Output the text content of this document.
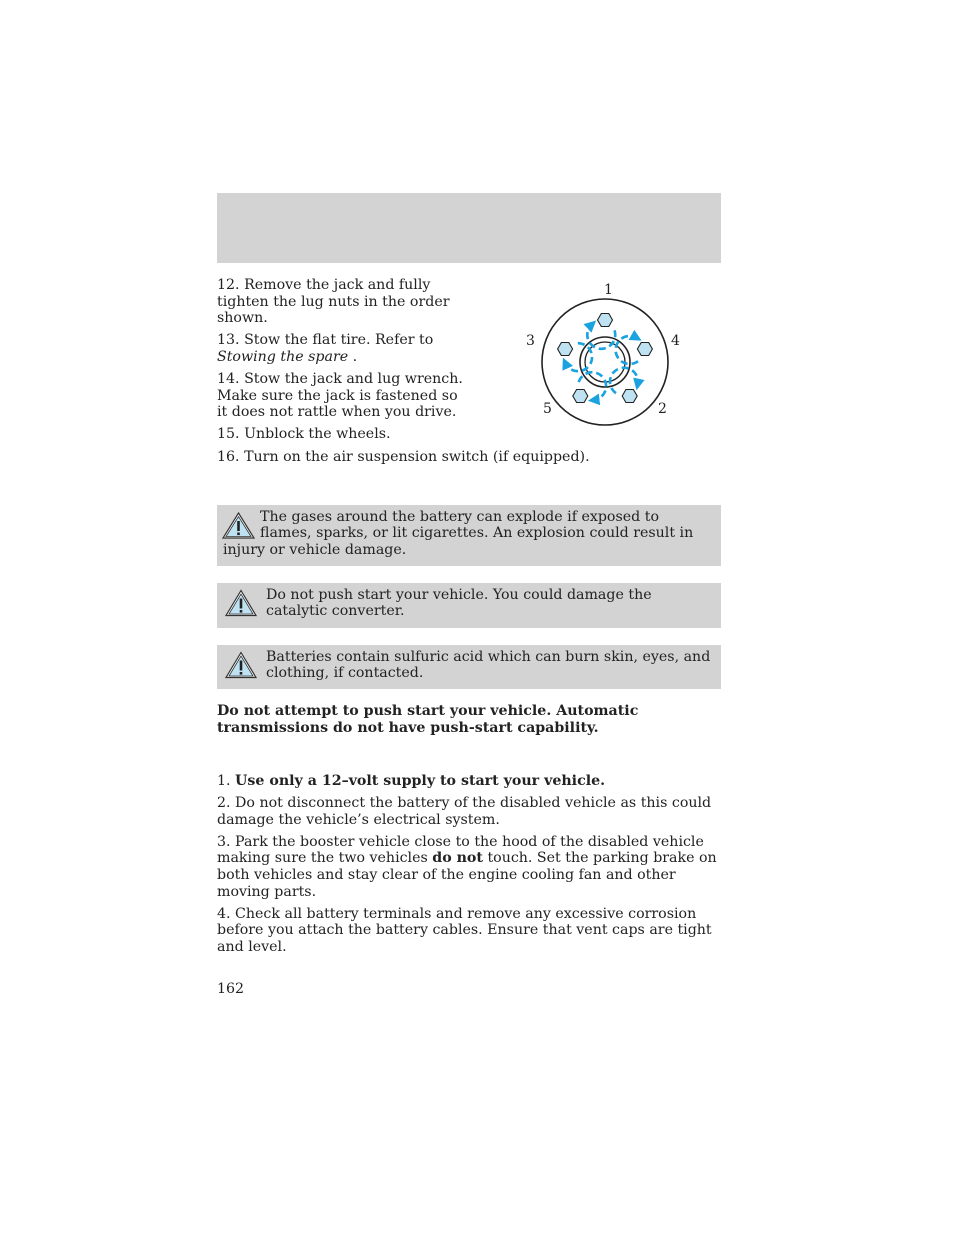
12. Remove the jack and fully tighten the lug nuts in the order shown.

13. Stow the flat tire. Refer to
Stowing the spare .

14. Stow the jack and lug wrench. Make sure the jack is fastened so it does not rattle when you drive.

15. Unblock the wheels.

16. Turn on the air suspension switch (if equipped).

1
2
3	4
5

The gases around the battery can explode if exposed to flames, sparks, or lit cigarettes. An explosion could result in injury or vehicle damage.

Do not push start your vehicle. You could damage the catalytic converter.

Batteries contain sulfuric acid which can burn skin, eyes, and clothing, if contacted.

Do not attempt to push start your vehicle. Automatic transmissions do not have push-start capability.

1. Use only a 12–volt supply to start your vehicle.

2. Do not disconnect the battery of the disabled vehicle as this could damage the vehicle’s electrical system.

3. Park the booster vehicle close to the hood of the disabled vehicle making sure the two vehicles do not touch. Set the parking brake on both vehicles and stay clear of the engine cooling fan and other moving parts.

4. Check all battery terminals and remove any excessive corrosion before you attach the battery cables. Ensure that vent caps are tight and level.

162
